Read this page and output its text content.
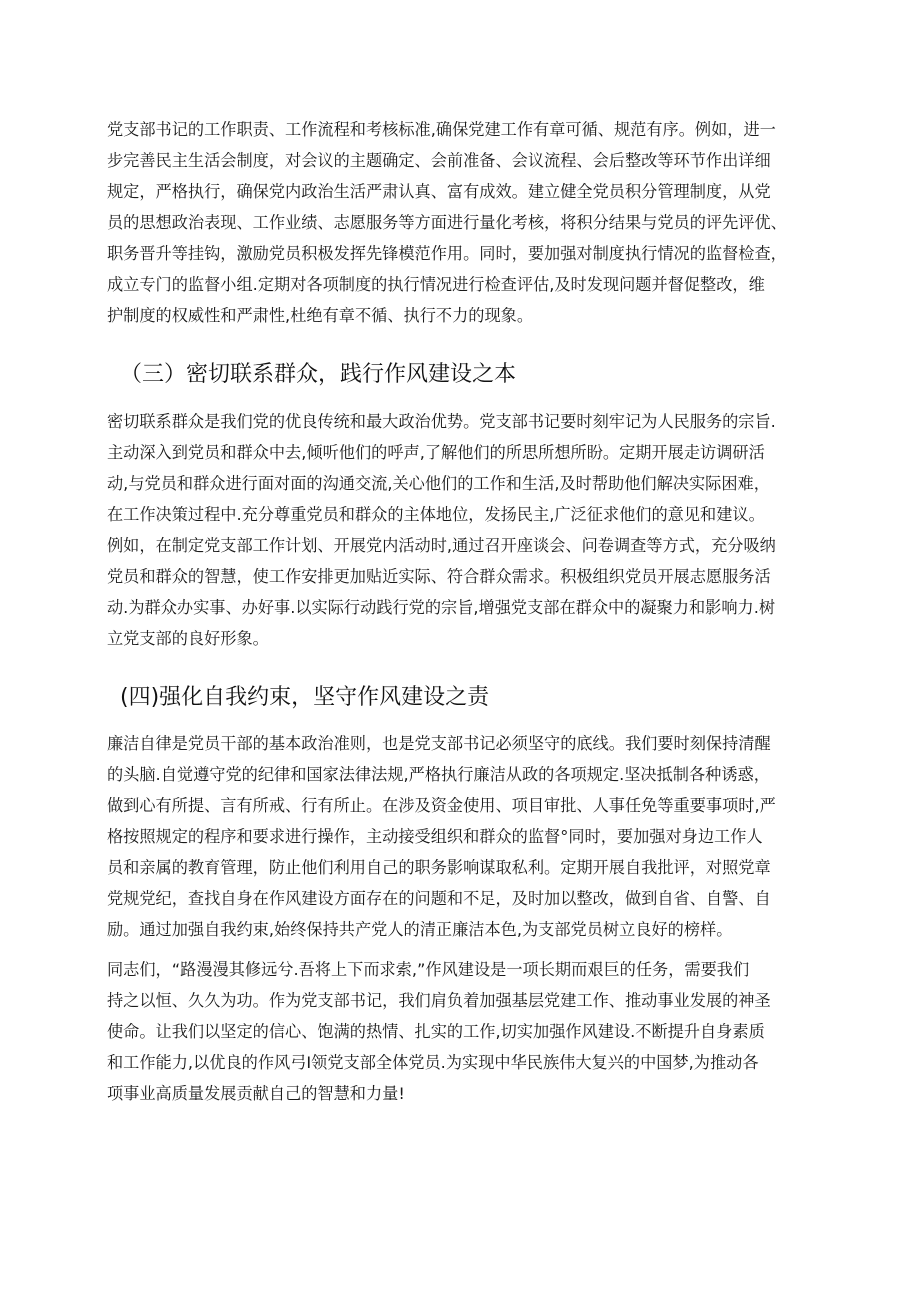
党支部书记的工作职责、工作流程和考核标准,确保党建工作有章可循、规范有序。例如，进一
步完善民主生活会制度，对会议的主题确定、会前准备、会议流程、会后整改等环节作出详细
规定，严格执行，确保党内政治生活严肃认真、富有成效。建立健全党员积分管理制度，从党
员的思想政治表现、工作业绩、志愿服务等方面进行量化考核，将积分结果与党员的评先评优、
职务晋升等挂钩，激励党员积极发挥先锋模范作用。同时，要加强对制度执行情况的监督检查，
成立专门的监督小组.定期对各项制度的执行情况进行检查评估,及时发现问题并督促整改，维
护制度的权威性和严肃性,杜绝有章不循、执行不力的现象。
（三）密切联系群众，践行作风建设之本
密切联系群众是我们党的优良传统和最大政治优势。党支部书记要时刻牢记为人民服务的宗旨.
主动深入到党员和群众中去,倾听他们的呼声,了解他们的所思所想所盼。定期开展走访调研活
动,与党员和群众进行面对面的沟通交流,关心他们的工作和生活,及时帮助他们解决实际困难，
在工作决策过程中.充分尊重党员和群众的主体地位，发扬民主,广泛征求他们的意见和建议。
例如，在制定党支部工作计划、开展党内活动时,通过召开座谈会、问卷调查等方式，充分吸纳
党员和群众的智慧，使工作安排更加贴近实际、符合群众需求。积极组织党员开展志愿服务活
动.为群众办实事、办好事.以实际行动践行党的宗旨,增强党支部在群众中的凝聚力和影响力.树
立党支部的良好形象。
(四)强化自我约束，坚守作风建设之责
廉洁自律是党员干部的基本政治准则，也是党支部书记必须坚守的底线。我们要时刻保持清醒
的头脑.自觉遵守党的纪律和国家法律法规,严格执行廉洁从政的各项规定.坚决抵制各种诱惑，
做到心有所提、言有所戒、行有所止。在涉及资金使用、项目审批、人事任免等重要事项时,严
格按照规定的程序和要求进行操作，主动接受组织和群众的监督°同时，要加强对身边工作人
员和亲属的教育管理，防止他们利用自己的职务影响谋取私利。定期开展自我批评，对照党章
党规党纪，查找自身在作风建设方面存在的问题和不足，及时加以整改，做到自省、自警、自
励。通过加强自我约束,始终保持共产党人的清正廉洁本色,为支部党员树立良好的榜样。
同志们，“路漫漫其修远兮.吾将上下而求索,”作风建设是一项长期而艰巨的任务，需要我们
持之以恒、久久为功。作为党支部书记，我们肩负着加强基层党建工作、推动事业发展的神圣
使命。让我们以坚定的信心、饱满的热情、扎实的工作,切实加强作风建设.不断提升自身素质
和工作能力,以优良的作风弓I领党支部全体党员.为实现中华民族伟大复兴的中国梦,为推动各
项事业高质量发展贡献自己的智慧和力量!
